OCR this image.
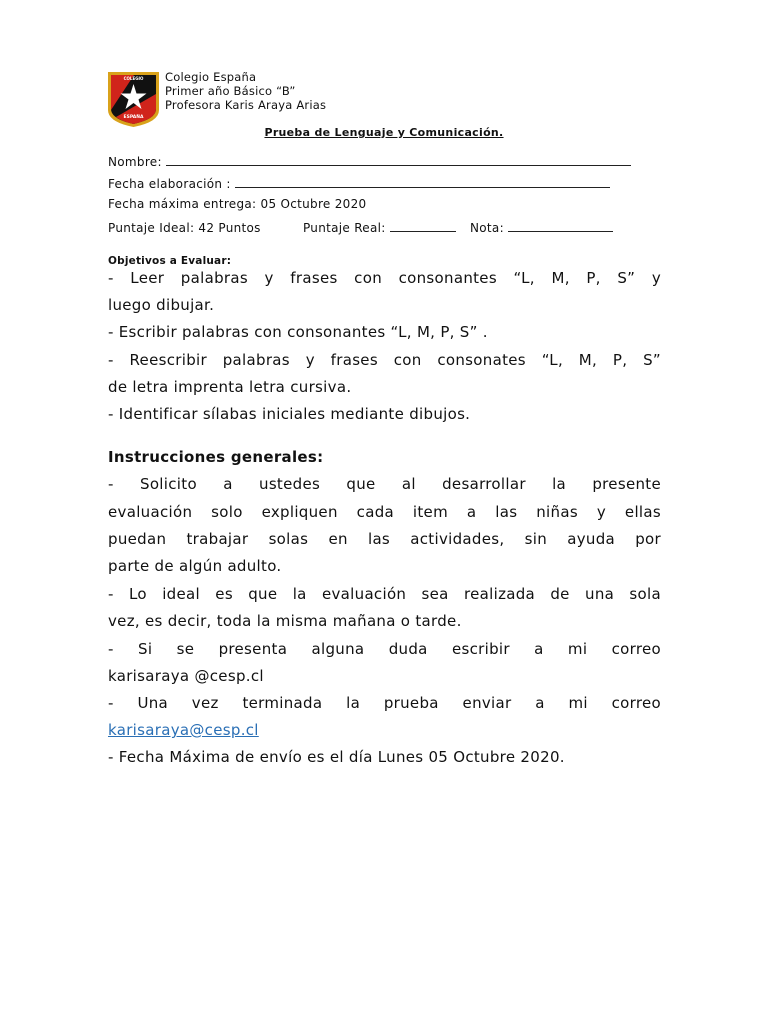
COLEGIO
ESPAÑA
Colegio España
Primer año Básico “B”
Profesora Karis Araya Arias
Prueba de Lenguaje y Comunicación.
Nombre:
Fecha elaboración :
Fecha máxima entrega: 05 Octubre 2020
Puntaje Ideal: 42 Puntos	Puntaje Real:	Nota:
Objetivos a Evaluar:
- Leer palabras y frases con consonantes “L, M, P, S” y
luego dibujar.
- Escribir palabras con consonantes “L, M, P, S” .
- Reescribir palabras y frases con consonates “L, M, P, S”
de letra imprenta letra cursiva.
- Identificar sílabas iniciales mediante dibujos.
Instrucciones generales:
- Solicito a ustedes que al desarrollar la presente
evaluación solo expliquen cada item a las niñas y ellas
puedan trabajar solas en las actividades, sin ayuda por
parte de algún adulto.
- Lo ideal es que la evaluación sea realizada de una sola
vez, es decir, toda la misma mañana o tarde.
- Si se presenta alguna duda escribir a mi correo
karisaraya @cesp.cl
- Una vez terminada la prueba enviar a mi correo
karisaraya@cesp.cl
- Fecha Máxima de envío es el día Lunes 05 Octubre 2020.
